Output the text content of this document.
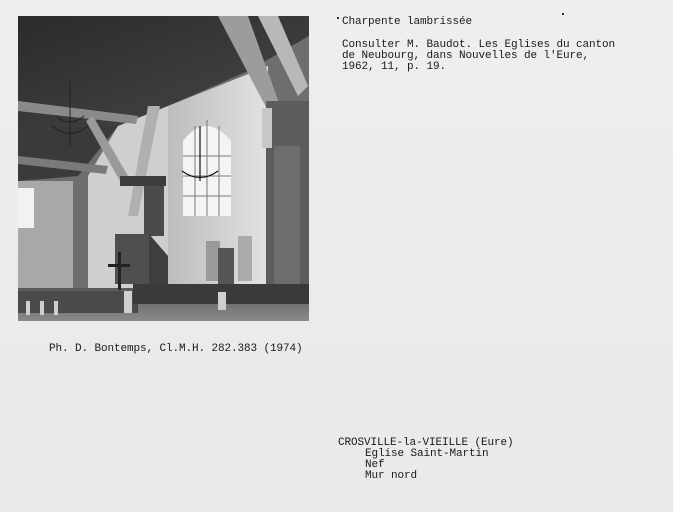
Charpente lambrissée
Consulter M. Baudot. Les Eglises du canton
de Neubourg, dans Nouvelles de l'Eure,
1962, 11, p. 19.
Ph. D. Bontemps, Cl.M.H. 282.383 (1974)
CROSVILLE-la-VIEILLE (Eure)
Eglise Saint-Martin
Nef
Mur nord
